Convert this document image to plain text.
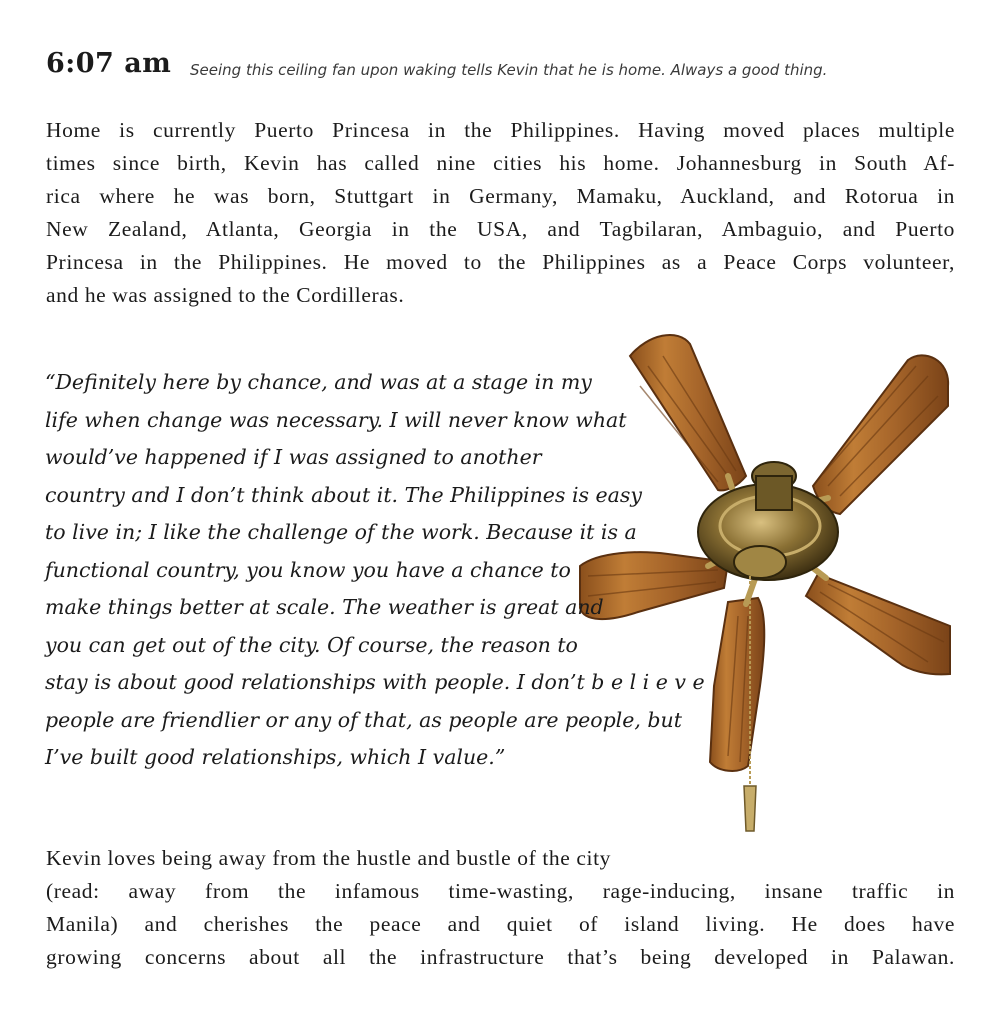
6:07 am Seeing this ceiling fan upon waking tells Kevin that he is home. Always a good thing.
Home is currently Puerto Princesa in the Philippines. Having moved places multiple
times since birth, Kevin has called nine cities his home. Johannesburg in South Af-
rica where he was born, Stuttgart in Germany, Mamaku, Auckland, and Rotorua in
New Zealand, Atlanta, Georgia in the USA, and Tagbilaran, Ambaguio, and Puerto
Princesa in the Philippines. He moved to the Philippines as a Peace Corps volunteer,
and he was assigned to the Cordilleras.
“Definitely here by chance, and was at a stage in my
life when change was necessary. I will never know what
would’ve happened if I was assigned to another
country and I don’t think about it. The Philippines is easy
to live in; I like the challenge of the work. Because it is a
functional country, you know you have a chance to
make things better at scale. The weather is great and
you can get out of the city. Of course, the reason to
stay is about good relationships with people. I don’t b e l i e v e
people are friendlier or any of that, as people are people, but
I’ve built good relationships, which I value.”
Kevin loves being away from the hustle and bustle of the city
(read: away from the infamous time-wasting, rage-inducing, insane traffic in
Manila) and cherishes the peace and quiet of island living. He does have
growing concerns about all the infrastructure that’s being developed in Palawan.
